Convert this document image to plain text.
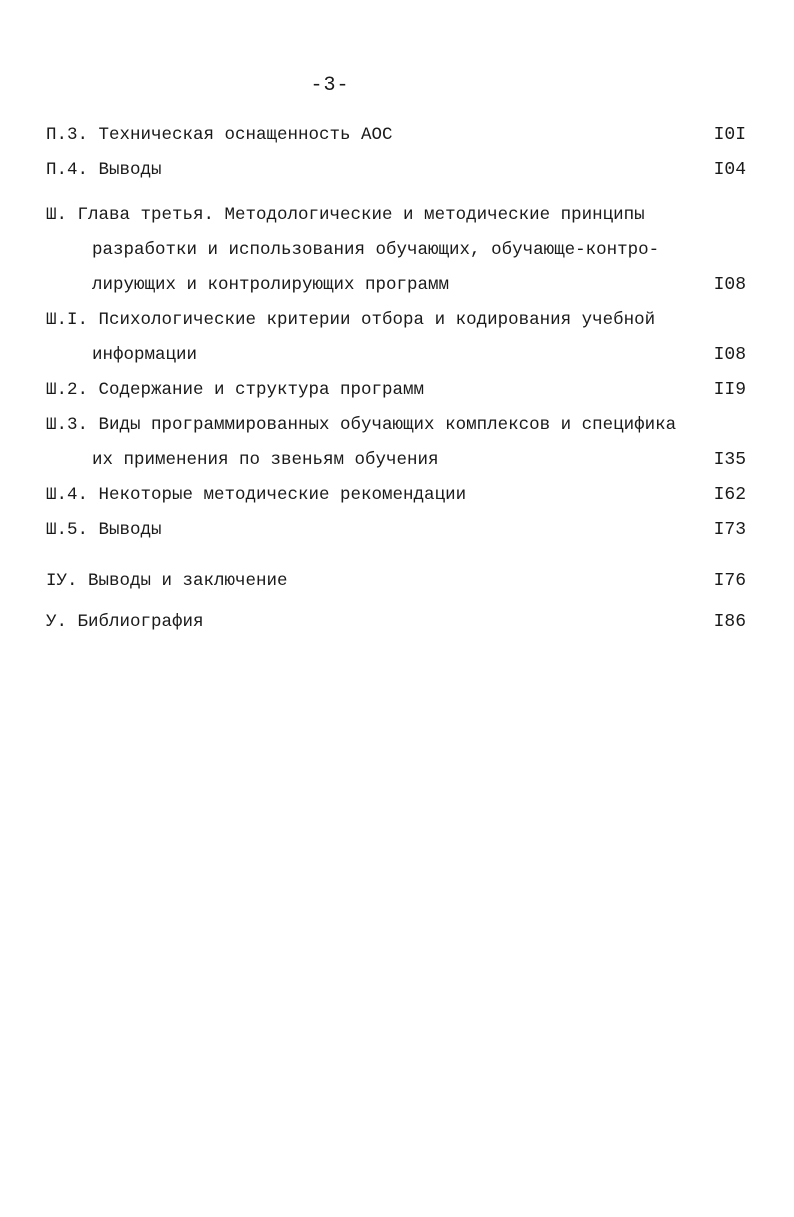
-3-
П.3. Техническая оснащенность АОС	I0I
П.4. Выводы	I04
Ш. Глава третья. Методологические и методические принципы
разработки и использования обучающих, обучающе-контро-
лирующих и контролирующих программ	I08
Ш.I. Психологические критерии отбора и кодирования учебной
информации	I08
Ш.2. Содержание и структура программ	II9
Ш.3. Виды программированных обучающих комплексов и специфика
их применения по звеньям обучения	I35
Ш.4. Некоторые методические рекомендации	I62
Ш.5. Выводы	I73
IУ. Выводы и заключение	I76
У. Библиография	I86
